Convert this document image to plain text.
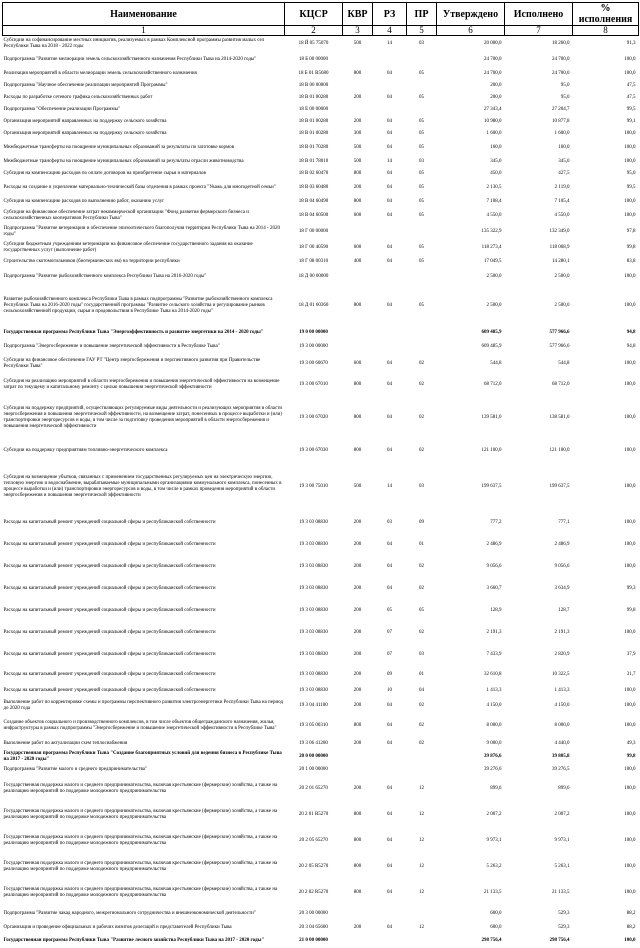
Наименование	КЦСР	КВР	РЗ	ПР	Утверждено	Исполнено	% исполнения
1	2	3	4	5	6	7	8
Субсидии на софинансирование местных инициатив, реализуемых в рамках Комплексной программы развития малых сел Республики Тыва на 2018 - 2022 годы	18 Й 05 75070	500	14	03	20 000,0	18 260,0	91,3
Подпрограмма "Развитие мелиорации земель сельскохозяйственного назначения Республики Тыва на 2014-2020 годы"	18 Б 00 00000				24 700,0	24 700,0	100,0
Реализация мероприятий в области мелиорации земель сельскохозяйственного назначения	18 Б 01 R5680	800	04	05	24 700,0	24 700,0	100,0
Подпрограмма "Научное обеспечение реализации мероприятий Программы"	18 В 00 00000				200,0	95,0	47,5
Расходы по разработке сетевого графика сельскохозяйственных работ	18 В 01 00280	200	04	05	200,0	95,0	47,5
Подпрограмма "Обеспечение реализации Программы"	18 Е 00 00000				27 343,4	27 204,7	99,5
Организация мероприятий направленных на поддержку сельского хозяйства	18 В 01 00280	200	04	05	10 980,0	10 877,8	99,1
Организация мероприятий направленных на поддержку сельского хозяйства	18 В 01 00280	300	04	05	1 600,0	1 600,0	100,0
Межбюджетные трансферты на поощрение муниципальных образований за результаты по заготовке кормов	18 В 01 70280	500	04	05	160,0	160,0	100,0
Межбюджетные трансферты на поощрение муниципальных образований за результаты отрасли животноводства	18 В 01 78010	500	14	03	345,0	345,0	100,0
Субсидия на компенсацию расходов по оплате договоров на приобретение сырья и материалов	18 В 02 60470	800	04	05	450,0	427,5	95,0
Расходы на создание и укрепление материально-технической базы отделения в рамках проекта "Уважь для многодетной семьи"	18 В 03 60480	200	04	05	2 130,5	2 119,0	99,5
Субсидия на компенсацию расходов по выполнению работ, оказанию услуг	18 В 04 60490	800	04	05	7 108,4	7 105,4	100,0
Субсидии на финансовое обеспечение затрат некоммерческой организации "Фонд развития фермерского бизнеса и сельскохозяйственных кооперативов Республики Тыва"	18 В 04 60500	600	04	05	4 550,0	4 550,0	100,0
Подпрограмма "Развитие ветеринарии и обеспечение эпизоотического благополучия территории Республики Тыва на 2014 - 2020 годы"	18 Г 00 00000				135 322,9	132 349,0	97,8
Субсидии бюджетным учреждениям ветеринарии на финансовое обеспечение государственного задания на оказание государственных услуг (выполнение работ)	18 Г 00 40590	600	04	05	118 273,4	118 068,9	99,8
Строительство скотомогильников (биотермических ям) на территории республики	18 Г 08 00310	400	04	05	17 049,5	14 280,1	83,8
Подпрограмма "Развитие рыбохозяйственного комплекса Республики Тыва на 2016-2020 годы"	18 Д 00 00000				2 500,0	2 500,0	100,0
Развитие рыбохозяйственного комплекса Республики Тыва в рамках подпрограммы "Развитие рыбохозяйственного комплекса Республики Тыва на 2016-2020 годы" государственной программы "Развитие сельского хозяйства и регулирование рынков сельскохозяйственной продукции, сырья и продовольствия в Республике Тыва на 2014-2020 годы"	18 Д 01 60360	800	04	05	2 500,0	2 500,0	100,0
Государственная программа Республики Тыва "Энергоэффективность и развитие энергетики на 2014 - 2020 годы"	19 0 00 00000				609 485,9	577 966,6	94,8
Подпрограмма "Энергосбережение и повышение энергетической эффективности в Республике Тыва"	19 3 00 00000				609 485,9	577 966,6	94,8
Субсидии на финансовое обеспечение ГАУ РТ "Центр энергосбережения и перспективного развития при Правительстве Республики Тыва"	19 3 00 60670	600	04	02	544,8	544,8	100,0
Субсидия на реализацию мероприятий в области энергосбережения и повышения энергетической эффективности на возмещение затрат по текущему и капитальному ремонту с целью повышения энергетической эффективности	19 3 00 67010	800	04	02	68 712,0	68 712,0	100,0
Субсидия на поддержку предприятий, осуществляющих регулируемые виды деятельности и реализующих мероприятия в области энергосбережения и повышения энергетической эффективности, на возмещение затрат, понесенных в процессе выработки и (или) транспортировки энергоресурсов и воды, в том числе за подготовку проведения мероприятий в области энергосбережения и повышения энергетической эффективности	19 3 00 67020	800	04	02	139 581,0	138 581,0	100,0
Субсидии на поддержку предприятиям топливно-энергетического комплекса	19 3 00 67030	800	04	02	121 100,0	121 100,0	100,0
Субсидия на возмещение убытков, связанных с применением государственных регулируемых цен на электрическую энергию, тепловую энергию и водоснабжение, вырабатываемые муниципальными организациями коммунального комплекса, понесенных в процессе выработки и (или) транспортировки энергоресурсов и воды, в том числе в рамках проведения мероприятий в области энергосбережения и повышения энергетической эффективности	19 3 00 75010	500	14	03	199 637,5	199 637,5	100,0
Расходы на капитальный ремонт учреждений социальной сферы и республиканской собственности	19 3 03 08830	200	03	09	777,2	777,1	100,0
Расходы на капитальный ремонт учреждений социальной сферы и республиканской собственности	19 3 03 08830	200	04	01	2 486,9	2 486,9	100,0
Расходы на капитальный ремонт учреждений социальной сферы и республиканской собственности	19 3 03 08830	200	04	02	9 056,6	9 056,6	100,0
Расходы на капитальный ремонт учреждений социальной сферы и республиканской собственности	19 3 03 08830	200	04	02	3 660,7	3 634,9	99,3
Расходы на капитальный ремонт учреждений социальной сферы и республиканской собственности	19 3 03 08830	200	05	05	128,9	128,7	99,8
Расходы на капитальный ремонт учреждений социальной сферы и республиканской собственности	19 3 03 08830	200	07	02	2 191,3	2 191,3	100,0
Расходы на капитальный ремонт учреждений социальной сферы и республиканской собственности	19 3 03 08830	200	07	03	7 433,9	2 820,9	37,9
Расходы на капитальный ремонт учреждений социальной сферы и республиканской собственности	19 3 03 08830	200	09	01	32 610,8	10 322,5	31,7
Расходы на капитальный ремонт учреждений социальной сферы и республиканской собственности	19 3 03 08830	200	10	04	1 413,3	1 413,3	100,0
Выполнение работ по корректировке схемы и программы перспективного развития электроэнергетики Республики Тыва на период до 2020 года	19 3 04 41100	200	04	02	4 150,0	4 150,0	100,0
Создание объектов социального и производственного комплексов, в том числе объектов общегражданского назначения, жилья, инфраструктуры в рамках подпрограммы "Энергосбережение и повышение энергетической эффективности в Республике Тыва"	19 3 05 00310	800	04	02	8 000,0	8 000,0	100,0
Выполнение работ по актуализации схем теплоснабжения	19 3 06 41200	200	04	02	9 000,0	4 440,0	49,3
Государственная программа Республики Тыва "Создание благоприятных условий для ведения бизнеса в Республике Тыва на 2017 - 2020 годы"	20 0 00 00000				39 876,6	39 805,8	99,8
Подпрограмма "Развитие малого и среднего предпринимательства"	20 1 00 00000				39 276,6	39 276,5	100,0
Государственная поддержка малого и среднего предпринимательства, включая крестьянские (фермерские) хозяйства, а также на реализацию мероприятий по поддержке молодежного предпринимательства	20 2 01 65270	200	04	12	899,6	899,6	100,0
Государственная поддержка малого и среднего предпринимательства, включая крестьянские (фермерские) хозяйства, а также на реализацию мероприятий по поддержке молодежного предпринимательства	20 2 01 R5270	800	04	12	2 007,2	2 007,2	100,0
Государственная поддержка малого и среднего предпринимательства, включая крестьянские (фермерские) хозяйства, а также на реализацию мероприятий по поддержке молодежного предпринимательства	20 2 05 65270	800	04	12	9 973,1	9 973,1	100,0
Государственная поддержка малого и среднего предпринимательства, включая крестьянские (фермерские) хозяйства, а также на реализацию мероприятий по поддержке молодежного предпринимательства	20 2 05 R5270	800	04	12	5 263,2	5 263,1	100,0
Государственная поддержка малого и среднего предпринимательства, включая крестьянские (фермерские) хозяйства, а также на реализацию мероприятий по поддержке молодежного предпринимательства	20 2 02 R5270	800	04	12	21 133,5	21 133,5	100,0
Подпрограмма "Развитие чакад народного, межрегионального сотрудничества и внешнеэкономической деятельности"	20 3 00 00000				600,0	529,3	88,2
Организация и проведение официальных и рабочих визитов делегаций и представителей Республики Тыва	20 3 04 65600	200	04	12	600,0	529,3	88,2
Государственная программа Республики Тыва "Развитие лесного хозяйства Республики Тыва на 2017 - 2020 годы"	21 0 00 00000				298 756,4	298 756,4	100,0
